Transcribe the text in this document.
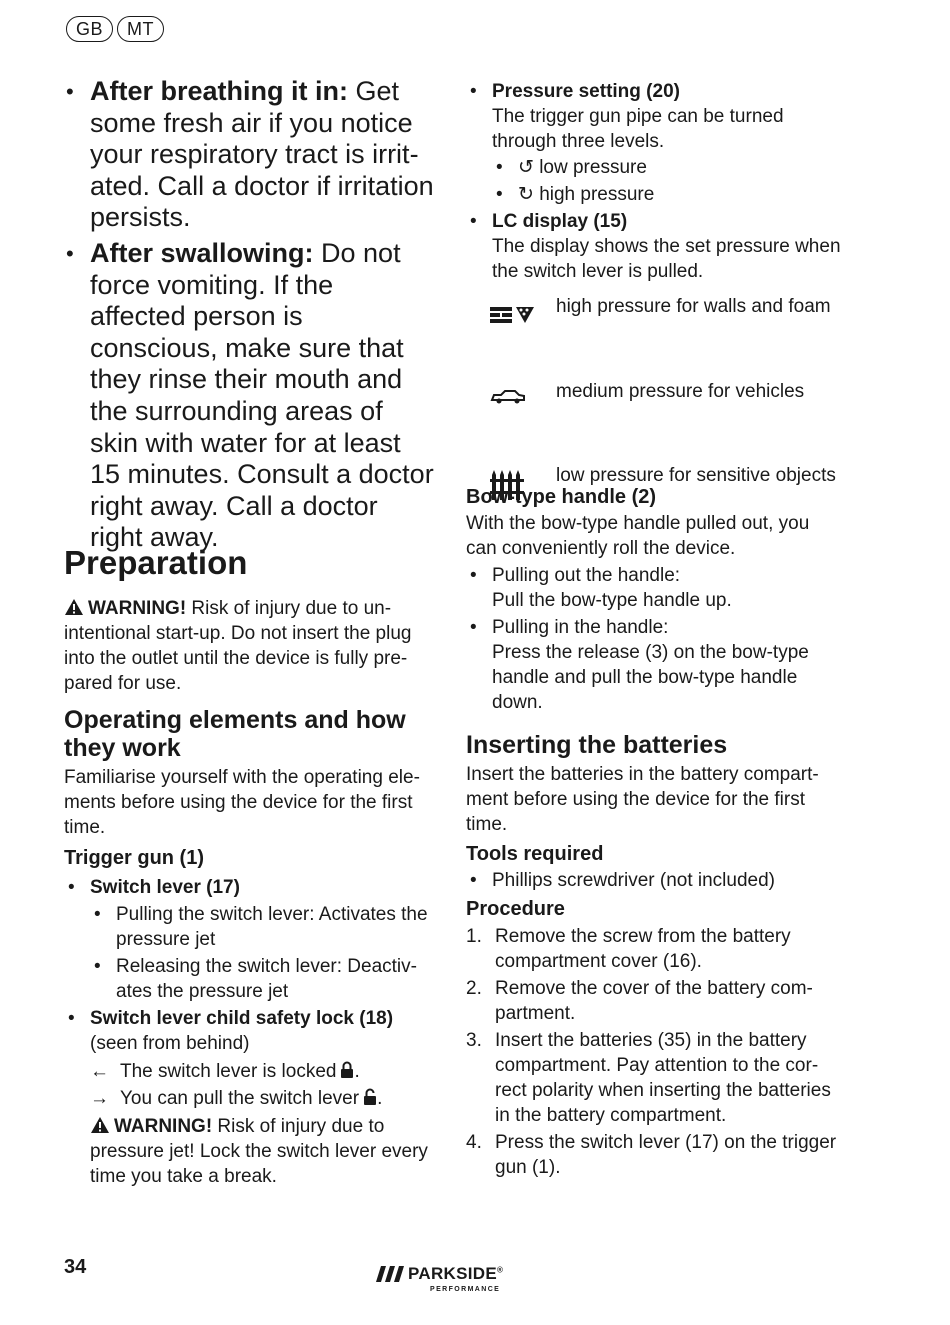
GB	MT
• After breathing it in: Get some fresh air if you notice your respiratory tract is irritated. Call a doctor if irritation persists.
• After swallowing: Do not force vomiting. If the affected person is conscious, make sure that they rinse their mouth and the surrounding areas of skin with water for at least 15 minutes. Consult a doctor right away. Call a doctor right away.
Preparation
WARNING! Risk of injury due to unintentional start-up. Do not insert the plug into the outlet until the device is fully prepared for use.
Operating elements and how they work
Familiarise yourself with the operating elements before using the device for the first time.
Trigger gun (1)
• Switch lever (17)
• Pulling the switch lever: Activates the pressure jet
• Releasing the switch lever: Deactivates the pressure jet
• Switch lever child safety lock (18) (seen from behind)
← The switch lever is locked .
→ You can pull the switch lever .
WARNING! Risk of injury due to pressure jet! Lock the switch lever every time you take a break.
• Pressure setting (20)
The trigger gun pipe can be turned through three levels.
• ↺ low pressure
• ↻ high pressure
• LC display (15)
The display shows the set pressure when the switch lever is pulled.
high pressure for walls and foam
medium pressure for vehicles
low pressure for sensitive objects
Bow-type handle (2)
With the bow-type handle pulled out, you can conveniently roll the device.
• Pulling out the handle:
Pull the bow-type handle up.
• Pulling in the handle:
Press the release (3) on the bow-type handle and pull the bow-type handle down.
Inserting the batteries
Insert the batteries in the battery compartment before using the device for the first time.
Tools required
• Phillips screwdriver (not included)
Procedure
1. Remove the screw from the battery compartment cover (16).
2. Remove the cover of the battery compartment.
3. Insert the batteries (35) in the battery compartment. Pay attention to the correct polarity when inserting the batteries in the battery compartment.
4. Press the switch lever (17) on the trigger gun (1).
34	PARKSIDE®
PERFORMANCE
